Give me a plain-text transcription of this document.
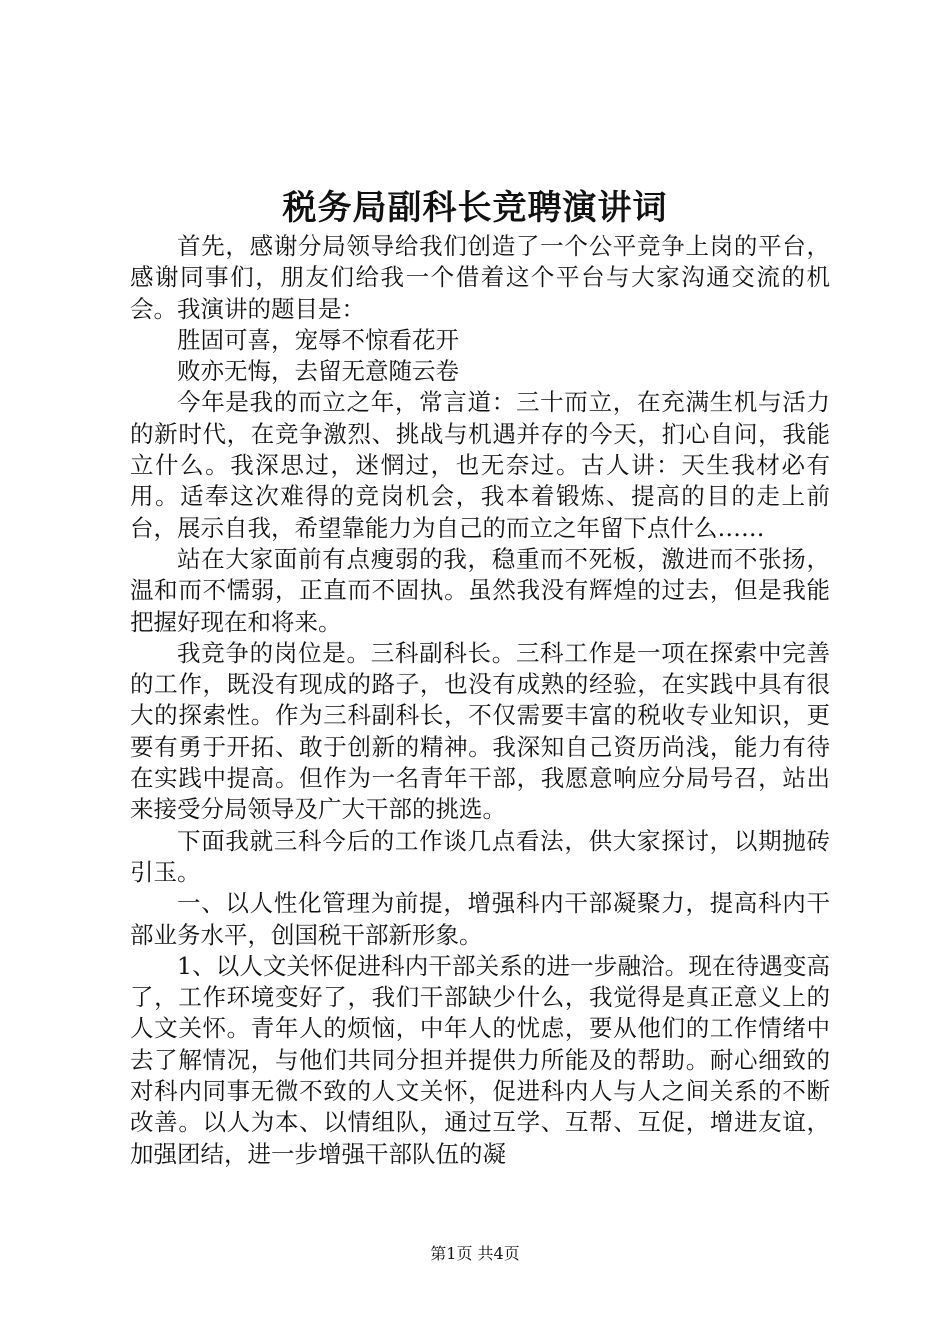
税务局副科长竞聘演讲词

首先，感谢分局领导给我们创造了一个公平竞争上岗的平台，感谢同事们，朋友们给我一个借着这个平台与大家沟通交流的机会。我演讲的题目是：

胜固可喜，宠辱不惊看花开

败亦无悔，去留无意随云卷

今年是我的而立之年，常言道：三十而立，在充满生机与活力的新时代，在竞争激烈、挑战与机遇并存的今天，扪心自问，我能立什么。我深思过，迷惘过，也无奈过。古人讲：天生我材必有用。适奉这次难得的竞岗机会，我本着锻炼、提高的目的走上前台，展示自我，希望靠能力为自己的而立之年留下点什么……

站在大家面前有点瘦弱的我，稳重而不死板，激进而不张扬，温和而不懦弱，正直而不固执。虽然我没有辉煌的过去，但是我能把握好现在和将来。

我竞争的岗位是。三科副科长。三科工作是一项在探索中完善的工作，既没有现成的路子，也没有成熟的经验，在实践中具有很大的探索性。作为三科副科长，不仅需要丰富的税收专业知识，更要有勇于开拓、敢于创新的精神。我深知自己资历尚浅，能力有待在实践中提高。但作为一名青年干部，我愿意响应分局号召，站出来接受分局领导及广大干部的挑选。

下面我就三科今后的工作谈几点看法，供大家探讨，以期抛砖引玉。

一、以人性化管理为前提，增强科内干部凝聚力，提高科内干部业务水平，创国税干部新形象。

1、以人文关怀促进科内干部关系的进一步融洽。现在待遇变高了，工作环境变好了，我们干部缺少什么，我觉得是真正意义上的人文关怀。青年人的烦恼，中年人的忧虑，要从他们的工作情绪中去了解情况，与他们共同分担并提供力所能及的帮助。耐心细致的对科内同事无微不致的人文关怀，促进科内人与人之间关系的不断改善。以人为本、以情组队，通过互学、互帮、互促，增进友谊，加强团结，进一步增强干部队伍的凝

第1页 共4页
